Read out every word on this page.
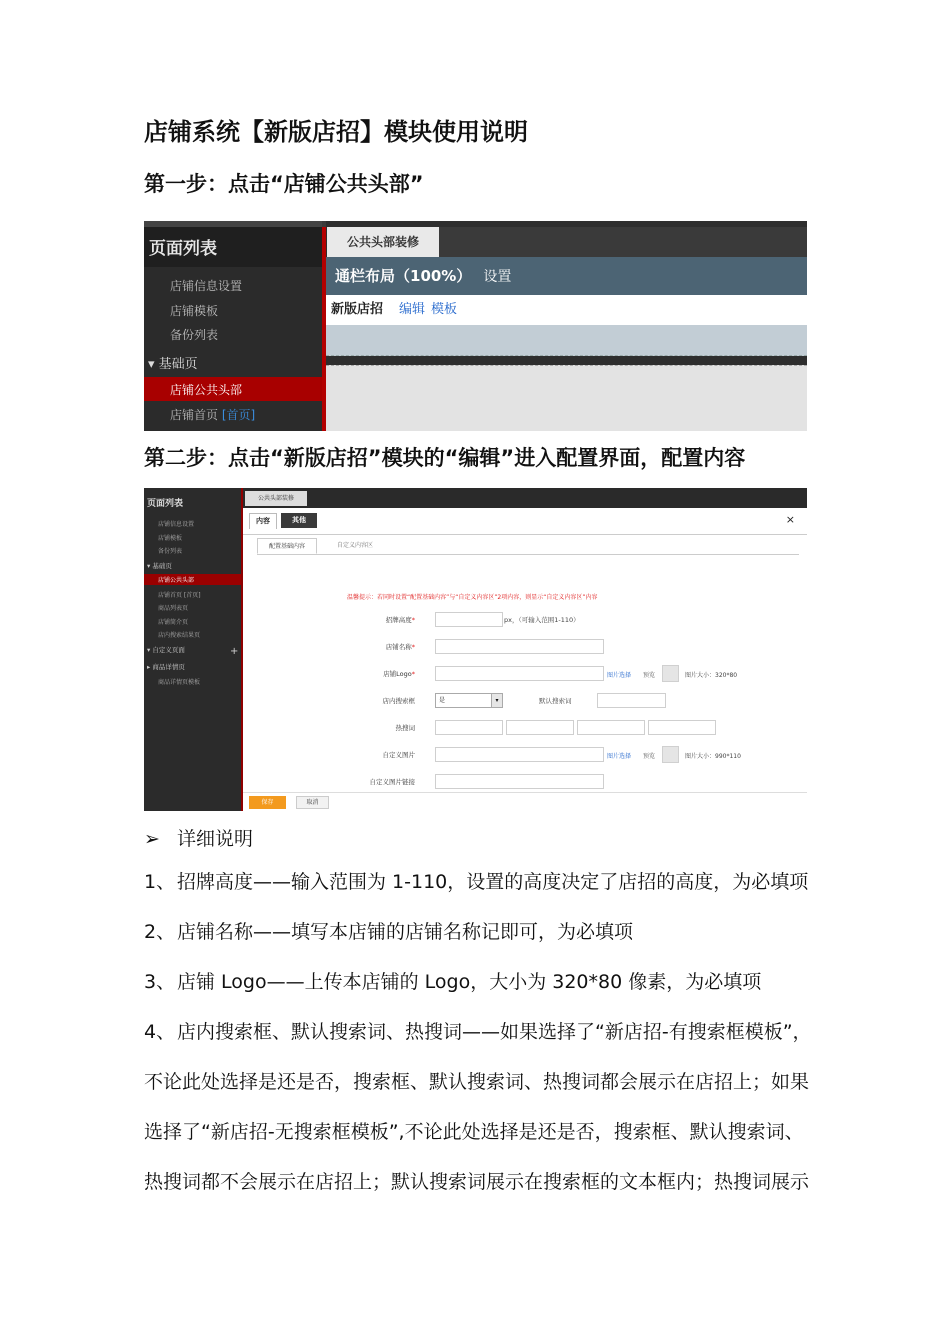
店铺系统【新版店招】模块使用说明

第一步：点击“店铺公共头部”

页面列表
店铺信息设置
店铺模板
备份列表
▾ 基础页
店铺公共头部
店铺首页 [首页]
公共头部装修
通栏布局（100%） 设置
新版店招 编辑 模板

第二步：点击“新版店招”模块的“编辑”进入配置界面，配置内容

页面列表
店铺信息设置
店铺模板
备份列表
▾ 基础页
店铺公共头部
店铺首页 [首页]
商品列表页
店铺简介页
店内搜索结果页
▾ 自定义页面	+
▸ 商品详情页
商品详情页模板
公共头部装修
内容	其他	×
配置基础内容	自定义内容区
温馨提示：若同时设置“配置基础内容”与“自定义内容区”2项内容，则显示“自定义内容区”内容
招牌高度*	px，（可输入范围1-110）
店铺名称*
店铺Logo*	图片选择 预览	图片大小：320*80
店内搜索框	是	▾	默认搜索词
热搜词
自定义图片	图片选择 预览	图片大小：990*110
自定义图片链接
保存	取消
➢ 详细说明
1、 招牌高度——输入范围为 1-110，设置的高度决定了店招的高度，为必填项
2、 店铺名称——填写本店铺的店铺名称记即可，为必填项
3、 店铺 Logo——上传本店铺的 Logo，大小为 320*80 像素，为必填项
4、 店内搜索框、默认搜索词、热搜词——如果选择了“新店招-有搜索框模板”，
不论此处选择是还是否，搜索框、默认搜索词、热搜词都会展示在店招上；如果
选择了“新店招-无搜索框模板”,不论此处选择是还是否，搜索框、默认搜索词、
热搜词都不会展示在店招上；默认搜索词展示在搜索框的文本框内；热搜词展示
